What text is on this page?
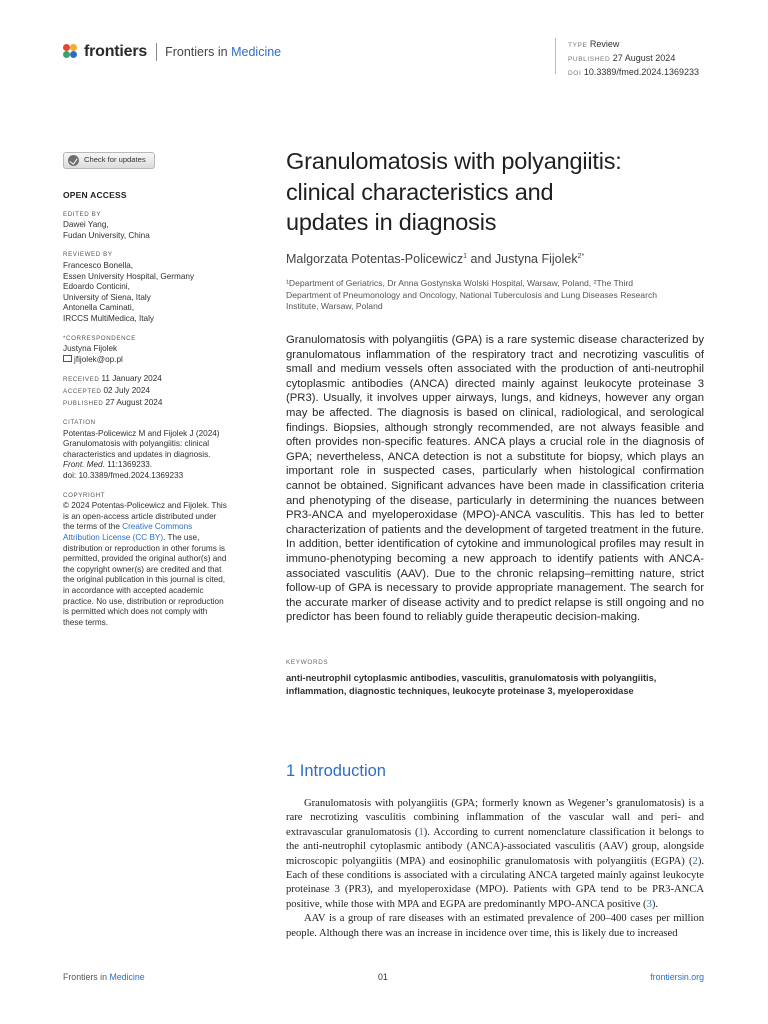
frontiers Frontiers in Medicine	TYPE Review
PUBLISHED 27 August 2024
DOI 10.3389/fmed.2024.1369233
Check for updates
OPEN ACCESS
EDITED BY
Dawei Yang,
Fudan University, China
REVIEWED BY
Francesco Bonella,
Essen University Hospital, Germany
Edoardo Conticini,
University of Siena, Italy
Antonella Caminati,
IRCCS MultiMedica, Italy
*CORRESPONDENCE
Justyna Fijolek
jfijolek@op.pl
RECEIVED 11 January 2024
ACCEPTED 02 July 2024
PUBLISHED 27 August 2024
CITATION
Potentas-Policewicz M and Fijolek J (2024)
Granulomatosis with polyangiitis: clinical
characteristics and updates in diagnosis.
Front. Med. 11:1369233.
doi: 10.3389/fmed.2024.1369233
COPYRIGHT
© 2024 Potentas-Policewicz and Fijolek. This
is an open-access article distributed under
the terms of the Creative Commons
Attribution License (CC BY). The use,
distribution or reproduction in other forums is
permitted, provided the original author(s) and
the copyright owner(s) are credited and that
the original publication in this journal is cited,
in accordance with accepted academic
practice. No use, distribution or reproduction
is permitted which does not comply with
these terms.
Granulomatosis with polyangiitis:
clinical characteristics and
updates in diagnosis
Malgorzata Potentas-Policewicz$^1$ and Justyna Fijolek$^{2*}$
¹Department of Geriatrics, Dr Anna Gostynska Wolski Hospital, Warsaw, Poland, ²The Third
Department of Pneumonology and Oncology, National Tuberculosis and Lung Diseases Research
Institute, Warsaw, Poland
Granulomatosis with polyangiitis (GPA) is a rare systemic disease characterized by granulomatous inflammation of the respiratory tract and necrotizing vasculitis of small and medium vessels often associated with the production of anti-neutrophil cytoplasmic antibodies (ANCA) directed mainly against leukocyte proteinase 3 (PR3). Usually, it involves upper airways, lungs, and kidneys, however any organ may be affected. The diagnosis is based on clinical, radiological, and serological findings. Biopsies, although strongly recommended, are not always feasible and often provides non-specific features. ANCA plays a crucial role in the diagnosis of GPA; nevertheless, ANCA detection is not a substitute for biopsy, which plays an important role in suspected cases, particularly when histological confirmation cannot be obtained. Significant advances have been made in classification criteria and phenotyping of the disease, particularly in determining the nuances between PR3-ANCA and myeloperoxidase (MPO)-ANCA vasculitis. This has led to better characterization of patients and the development of targeted treatment in the future. In addition, better identification of cytokine and immunological profiles may result in immuno-phenotyping becoming a new approach to identify patients with ANCA-associated vasculitis (AAV). Due to the chronic relapsing–remitting nature, strict follow-up of GPA is necessary to provide appropriate management. The search for the accurate marker of disease activity and to predict relapse is still ongoing and no predictor has been found to reliably guide therapeutic decision-making.
KEYWORDS
anti-neutrophil cytoplasmic antibodies, vasculitis, granulomatosis with polyangiitis, inflammation, diagnostic techniques, leukocyte proteinase 3, myeloperoxidase
1 Introduction

Granulomatosis with polyangiitis (GPA; formerly known as Wegener’s granulomatosis) is a rare necrotizing vasculitis combining inflammation of the vascular wall and peri- and extravascular granulomatosis (1). According to current nomenclature classification it belongs to the anti-neutrophil cytoplasmic antibody (ANCA)-associated vasculitis (AAV) group, alongside microscopic polyangiitis (MPA) and eosinophilic granulomatosis with polyangiitis (EGPA) (2). Each of these conditions is associated with a circulating ANCA targeted mainly against leukocyte proteinase 3 (PR3), and myeloperoxidase (MPO). Patients with GPA tend to be PR3-ANCA positive, while those with MPA and EGPA are predominantly MPO-ANCA positive (3).

AAV is a group of rare diseases with an estimated prevalence of 200–400 cases per million people. Although there was an increase in incidence over time, this is likely due to increased

Frontiers in Medicine	01	frontiersin.org
